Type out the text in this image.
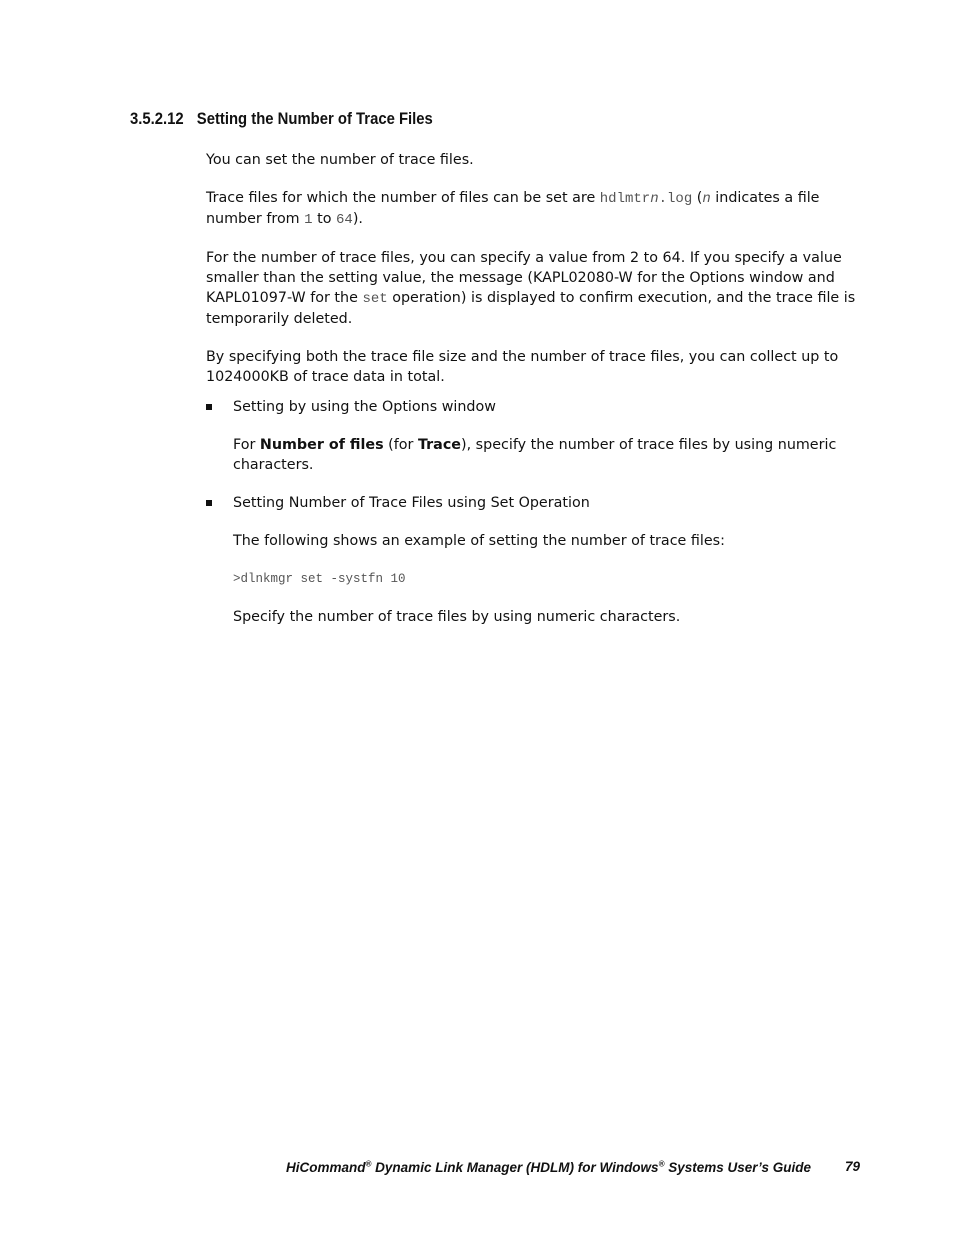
3.5.2.12 Setting the Number of Trace Files

You can set the number of trace files.

Trace files for which the number of files can be set are hdlmtrn.log (n indicates a file number from 1 to 64).

For the number of trace files, you can specify a value from 2 to 64. If you specify a value smaller than the setting value, the message (KAPL02080-W for the Options window and KAPL01097-W for the set operation) is displayed to confirm execution, and the trace file is temporarily deleted.

By specifying both the trace file size and the number of trace files, you can collect up to 1024000KB of trace data in total.

Setting by using the Options window

For Number of files (for Trace), specify the number of trace files by using numeric characters.

Setting Number of Trace Files using Set Operation

The following shows an example of setting the number of trace files:

>dlnkmgr set -systfn 10

Specify the number of trace files by using numeric characters.

HiCommand® Dynamic Link Manager (HDLM) for Windows® Systems User’s Guide	79
